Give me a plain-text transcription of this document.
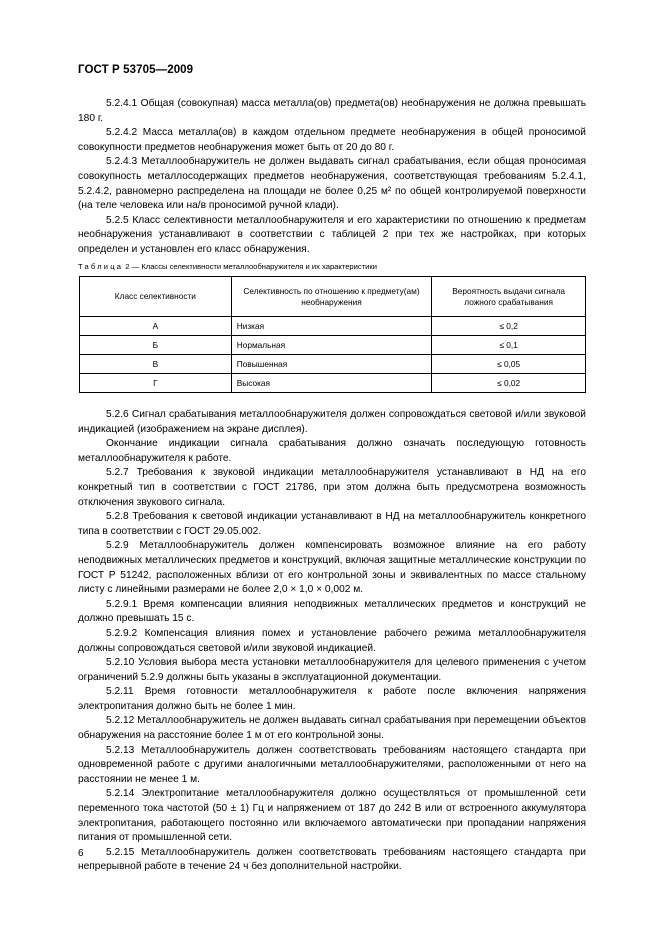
ГОСТ Р 53705—2009

5.2.4.1 Общая (совокупная) масса металла(ов) предмета(ов) необнаружения не должна превышать 180 г.

5.2.4.2 Масса металла(ов) в каждом отдельном предмете необнаружения в общей проносимой совокупности предметов необнаружения может быть от 20 до 80 г.

5.2.4.3 Металлообнаружитель не должен выдавать сигнал срабатывания, если общая проносимая совокупность металлосодержащих предметов необнаружения, соответствующая требованиям 5.2.4.1, 5.2.4.2, равномерно распределена на площади не более 0,25 м² по общей контролируемой поверхности (на теле человека или на/в проносимой ручной клади).

5.2.5 Класс селективности металлообнаружителя и его характеристики по отношению к предметам необнаружения устанавливают в соответствии с таблицей 2 при тех же настройках, при которых определен и установлен его класс обнаружения.

Таблица 2 — Классы селективности металлообнаружителя и их характеристики
Класс селективности	Селективность по отношению к предмету(ам) необнаружения	Вероятность выдачи сигнала ложного срабатывания
А	Низкая	≤ 0,2
Б	Нормальная	≤ 0,1
В	Повышенная	≤ 0,05
Г	Высокая	≤ 0,02

5.2.6 Сигнал срабатывания металлообнаружителя должен сопровождаться световой и/или звуковой индикацией (изображением на экране дисплея).

Окончание индикации сигнала срабатывания должно означать последующую готовность металлообнаружителя к работе.

5.2.7 Требования к звуковой индикации металлообнаружителя устанавливают в НД на его конкретный тип в соответствии с ГОСТ 21786, при этом должна быть предусмотрена возможность отключения звукового сигнала.

5.2.8 Требования к световой индикации устанавливают в НД на металлообнаружитель конкретного типа в соответствии с ГОСТ 29.05.002.

5.2.9 Металлообнаружитель должен компенсировать возможное влияние на его работу неподвижных металлических предметов и конструкций, включая защитные металлические конструкции по ГОСТ Р 51242, расположенных вблизи от его контрольной зоны и эквивалентных по массе стальному листу с линейными размерами не более 2,0 × 1,0 × 0,002 м.

5.2.9.1 Время компенсации влияния неподвижных металлических предметов и конструкций не должно превышать 15 с.

5.2.9.2 Компенсация влияния помех и установление рабочего режима металлообнаружителя должны сопровождаться световой и/или звуковой индикацией.

5.2.10 Условия выбора места установки металлообнаружителя для целевого применения с учетом ограничений 5.2.9 должны быть указаны в эксплуатационной документации.

5.2.11 Время готовности металлообнаружителя к работе после включения напряжения электропитания должно быть не более 1 мин.

5.2.12 Металлообнаружитель не должен выдавать сигнал срабатывания при перемещении объектов обнаружения на расстояние более 1 м от его контрольной зоны.

5.2.13 Металлообнаружитель должен соответствовать требованиям настоящего стандарта при одновременной работе с другими аналогичными металлообнаружителями, расположенными от него на расстоянии не менее 1 м.

5.2.14 Электропитание металлообнаружителя должно осуществляться от промышленной сети переменного тока частотой (50 ± 1) Гц и напряжением от 187 до 242 В или от встроенного аккумулятора электропитания, работающего постоянно или включаемого автоматически при пропадании напряжения питания от промышленной сети.

5.2.15 Металлообнаружитель должен соответствовать требованиям настоящего стандарта при непрерывной работе в течение 24 ч без дополнительной настройки.

6
